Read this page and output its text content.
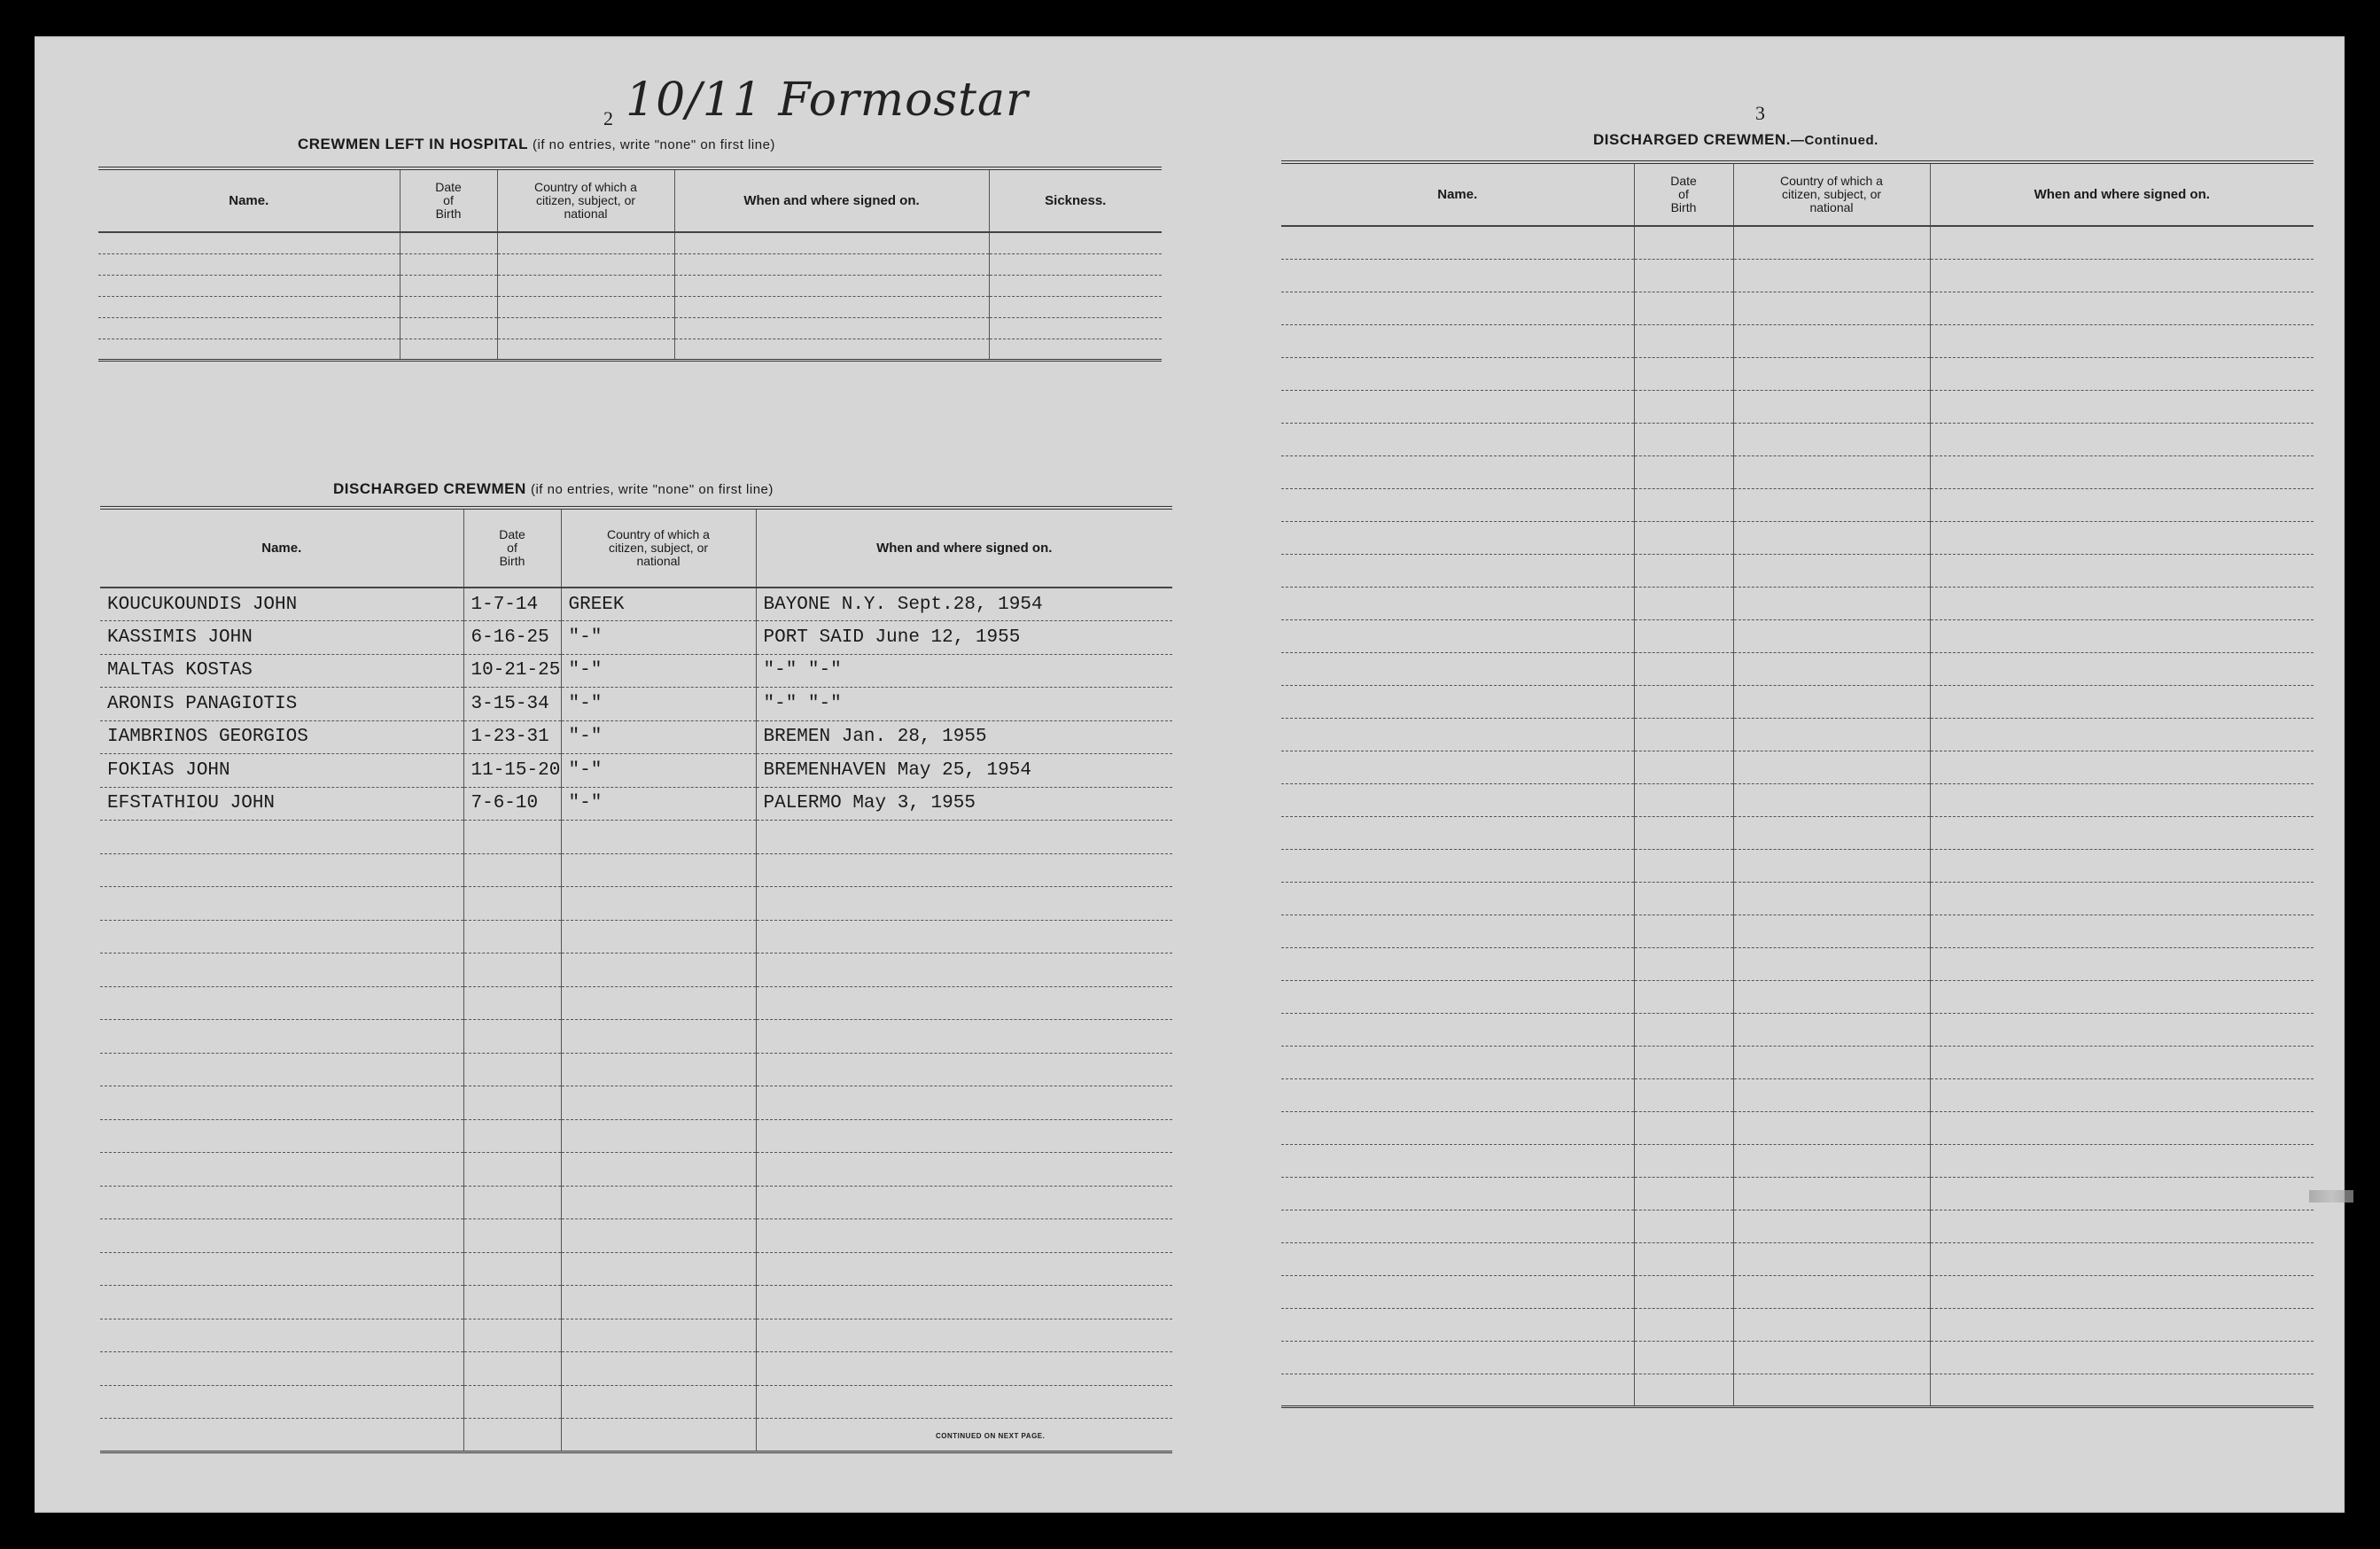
2 10/11 Formostar
CREWMEN LEFT IN HOSPITAL (if no entries, write "none" on first line)
Name.	Date
of
Birth	Country of which a
citizen, subject, or
national	When and where signed on.	Sickness.

DISCHARGED CREWMEN (if no entries, write "none" on first line)
Name.	Date
of
Birth	Country of which a
citizen, subject, or
national	When and where signed on.
KOUCUKOUNDIS JOHN	1-7-14	GREEK	BAYONE N.Y. Sept.28, 1954
KASSIMIS JOHN	6-16-25	"-"	PORT SAID June 12, 1955
MALTAS KOSTAS	10-21-25	"-"	"-" "-"
ARONIS PANAGIOTIS	3-15-34	"-"	"-" "-"
IAMBRINOS GEORGIOS	1-23-31	"-"	BREMEN Jan. 28, 1955
FOKIAS JOHN	11-15-20	"-"	BREMENHAVEN May 25, 1954
EFSTATHIOU JOHN	7-6-10	"-"	PALERMO May 3, 1955

CONTINUED ON NEXT PAGE.
3
DISCHARGED CREWMEN.—Continued.
Name.	Date
of
Birth	Country of which a
citizen, subject, or
national	When and where signed on.
